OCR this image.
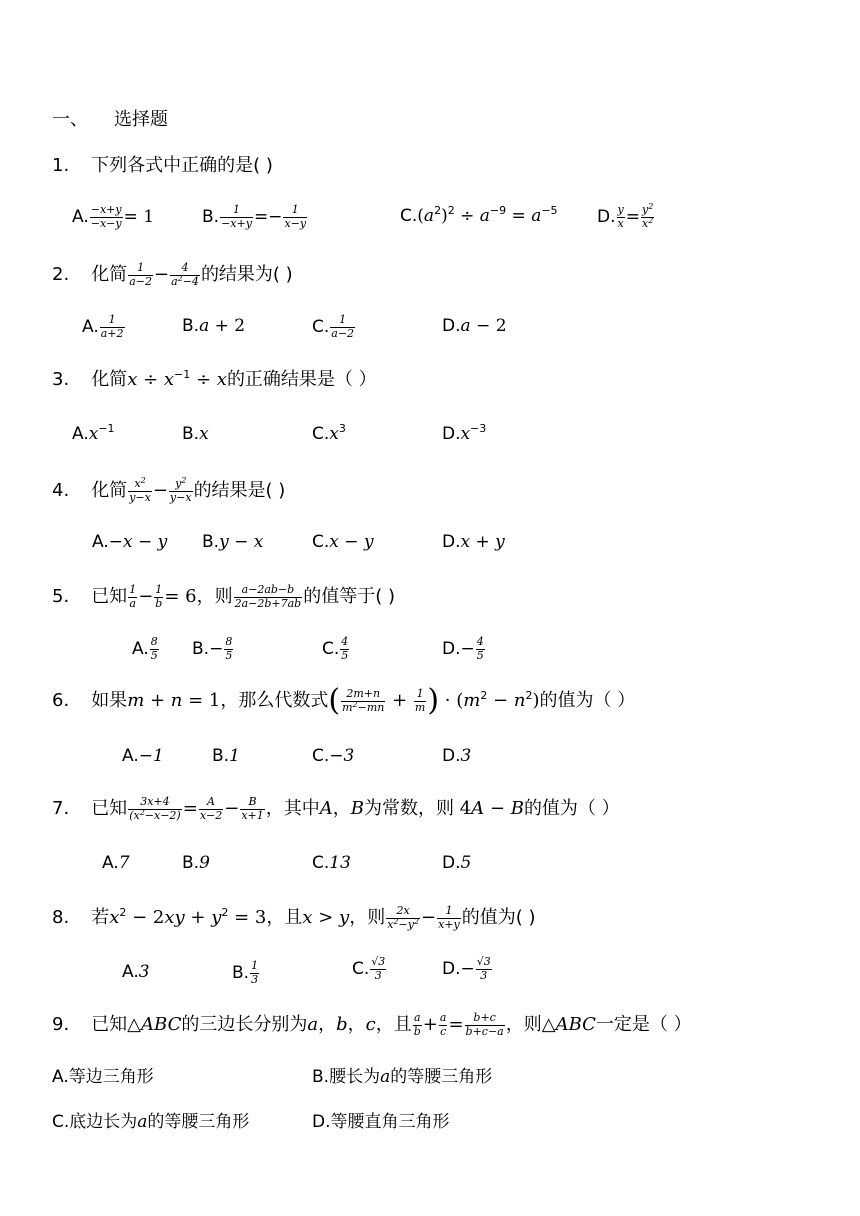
一、 选择题
1. 下列各式中正确的是( )
A. $\frac{-x+y}{-x-y} = 1$	B. $\frac{1}{-x+y} =- \frac{1}{x-y}$	$C.(a^2)^2 \div a^{-9} = a^{-5}$ D. $\frac{y}{x} = \frac{y^2}{x^2}$
2. 化简 $\frac{1}{a-2} - \frac{4}{a^2-4}$ 的结果为( )
A. $\frac{1}{a+2}$	B.a + 2	C. $\frac{1}{a-2}$	D.a − 2
3. 化简$x \div x^{-1} \div x$的正确结果是（ ）
$A.x^{-1}$	B.x	$C.x^3$	$D.x^{-3}$
4. 化简 $\frac{x^2}{y-x} - \frac{y^2}{y-x}$ 的结果是( )
A.−x − y B.y − x	C.x − y	D.x + y
5. 已知 $\frac{1}{a} - \frac{1}{b} = 6$，则 $\frac{a-2ab-b}{2a-2b+7ab}$ 的值等于( )
A. $\frac{8}{5} B.- \frac{8}{5}$	C. $\frac{4}{5}$	$D.- \frac{4}{5}$
6. 如果m + n = 1，那么代数式( $\frac{2m+n}{m^2-mn} + \frac{1}{m}$ ) · $(m^2 - n^2)$的值为（ ）
A.−1	B.1	C.−3	D.3
7. 已知 $\frac{3x+4}{(x^2-x-2)} = \frac{A}{x-2} - \frac{B}{x+1}$ ，其中A，B为常数，则 4A − B的值为（ ）
A.7	B.9	C.13	D.5
8. 若$x^2 - 2xy + y^2 = 3$，且x > y，则 $\frac{2x}{x^2-y^2} - \frac{1}{x+y}$ 的值为( )
A.3	B. $\frac{1}{3}$	C. $\frac{√3}{3}$	$D.- \frac{√3}{3}$
9. 已知△ABC的三边长分别为a，b，c，且 $\frac{a}{b} + \frac{a}{c} = \frac{b+c}{b+c-a}$ ，则△ABC一定是（ ）
A.等边三角形	B.腰长为a的等腰三角形
C.底边长为a的等腰三角形	D.等腰直角三角形
